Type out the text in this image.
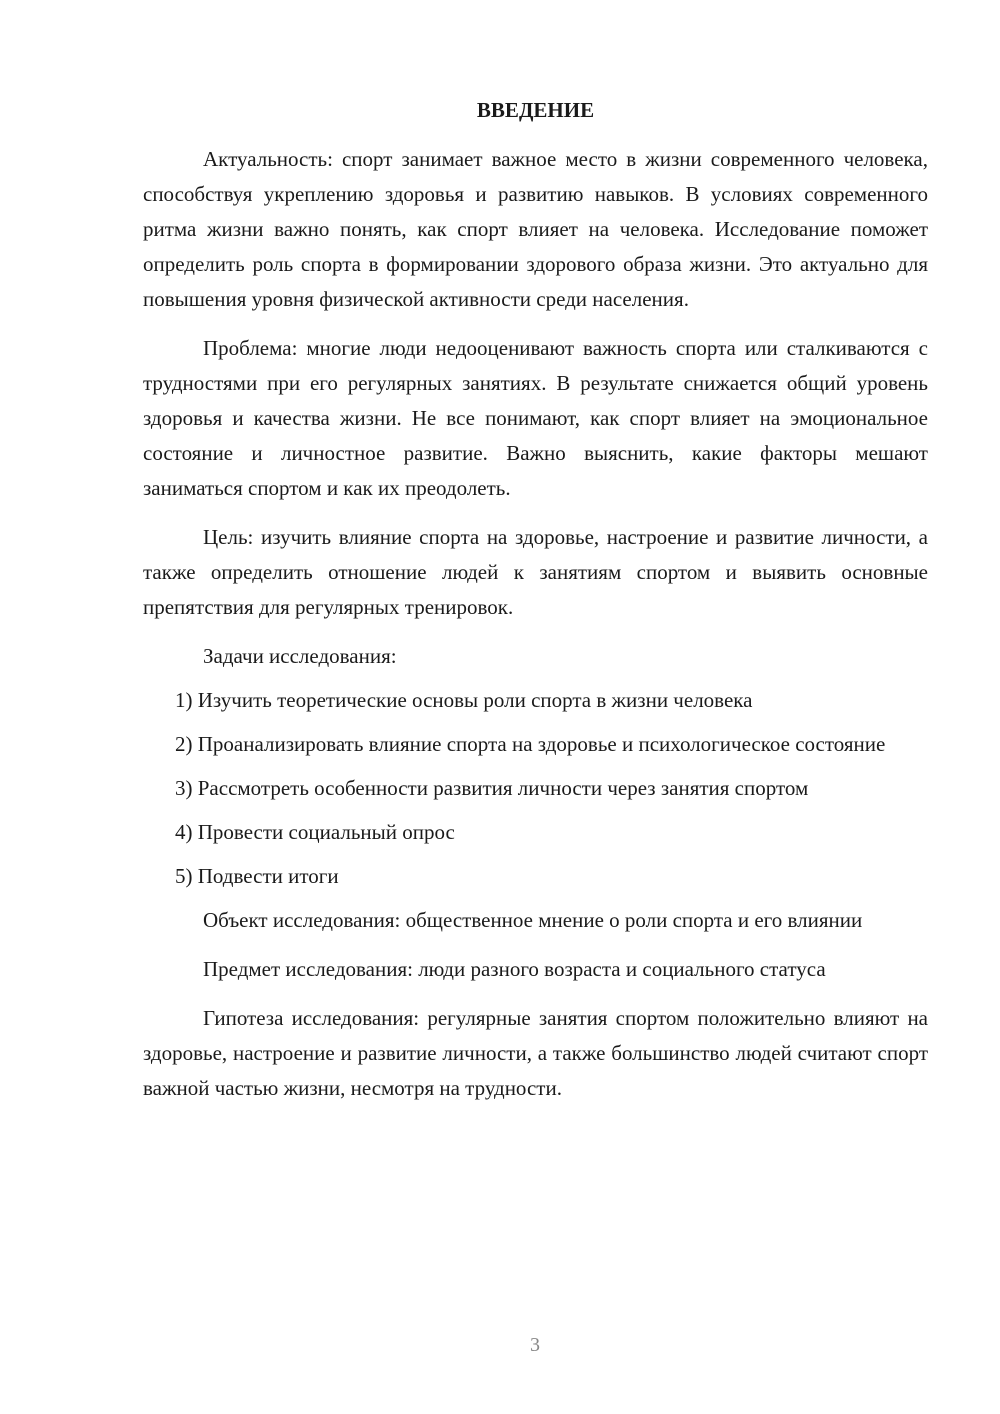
ВВЕДЕНИЕ

Актуальность: спорт занимает важное место в жизни современного человека, способствуя укреплению здоровья и развитию навыков. В условиях современного ритма жизни важно понять, как спорт влияет на человека. Исследование поможет определить роль спорта в формировании здорового образа жизни. Это актуально для повышения уровня физической активности среди населения.

Проблема: многие люди недооценивают важность спорта или сталкиваются с трудностями при его регулярных занятиях. В результате снижается общий уровень здоровья и качества жизни. Не все понимают, как спорт влияет на эмоциональное состояние и личностное развитие. Важно выяснить, какие факторы мешают заниматься спортом и как их преодолеть.

Цель: изучить влияние спорта на здоровье, настроение и развитие личности, а также определить отношение людей к занятиям спортом и выявить основные препятствия для регулярных тренировок.

Задачи исследования:

1) Изучить теоретические основы роли спорта в жизни человека

2) Проанализировать влияние спорта на здоровье и психологическое состояние

3) Рассмотреть особенности развития личности через занятия спортом

4) Провести социальный опрос

5) Подвести итоги

Объект исследования: общественное мнение о роли спорта и его влиянии

Предмет исследования: люди разного возраста и социального статуса

Гипотеза исследования: регулярные занятия спортом положительно влияют на здоровье, настроение и развитие личности, а также большинство людей считают спорт важной частью жизни, несмотря на трудности.

3
